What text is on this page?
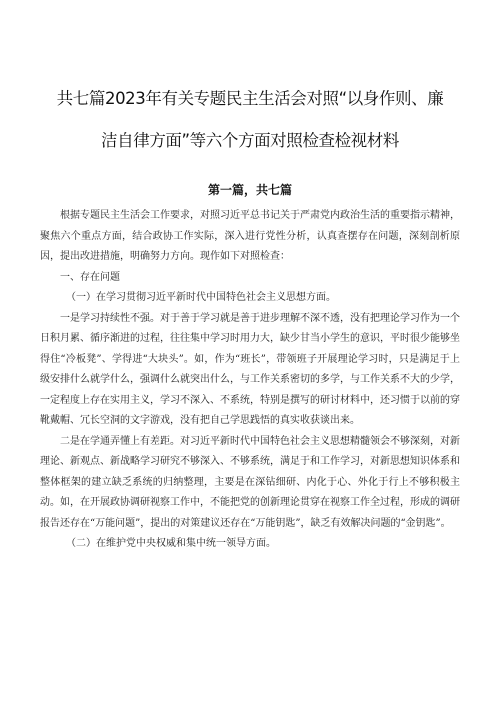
共七篇2023年有关专题民主生活会对照“以身作则、廉
洁自律方面”等六个方面对照检查检视材料
第一篇，共七篇

根据专题民主生活会工作要求，对照习近平总书记关于严肃党内政治生活的重要指示精神，聚焦六个重点方面，结合政协工作实际，深入进行党性分析，认真查摆存在问题，深刻剖析原因，提出改进措施，明确努力方向。现作如下对照检查：

一、存在问题

（一）在学习贯彻习近平新时代中国特色社会主义思想方面。

一是学习持续性不强。对于善于学习就是善于进步理解不深不透，没有把理论学习作为一个日积月累、循序渐进的过程，往往集中学习时用力大，缺少甘当小学生的意识，平时很少能够坐得住“冷板凳”、学得进“大块头”。如，作为“班长”，带领班子开展理论学习时，只是满足于上级安排什么就学什么，强调什么就突出什么，与工作关系密切的多学，与工作关系不大的少学，一定程度上存在实用主义，学习不深入、不系统，特别是撰写的研讨材料中，还习惯于以前的穿靴戴帽、冗长空洞的文字游戏，没有把自己学思践悟的真实收获谈出来。

二是在学通弄懂上有差距。对习近平新时代中国特色社会主义思想精髓领会不够深刻，对新理论、新观点、新战略学习研究不够深入、不够系统，满足于和工作学习，对新思想知识体系和整体框架的建立缺乏系统的归纳整理，主要是在深钻细研、内化于心、外化于行上不够积极主动。如，在开展政协调研视察工作中，不能把党的创新理论贯穿在视察工作全过程，形成的调研报告还存在“万能问题”，提出的对策建议还存在“万能钥匙”，缺乏有效解决问题的“金钥匙”。

（二）在维护党中央权威和集中统一领导方面。
